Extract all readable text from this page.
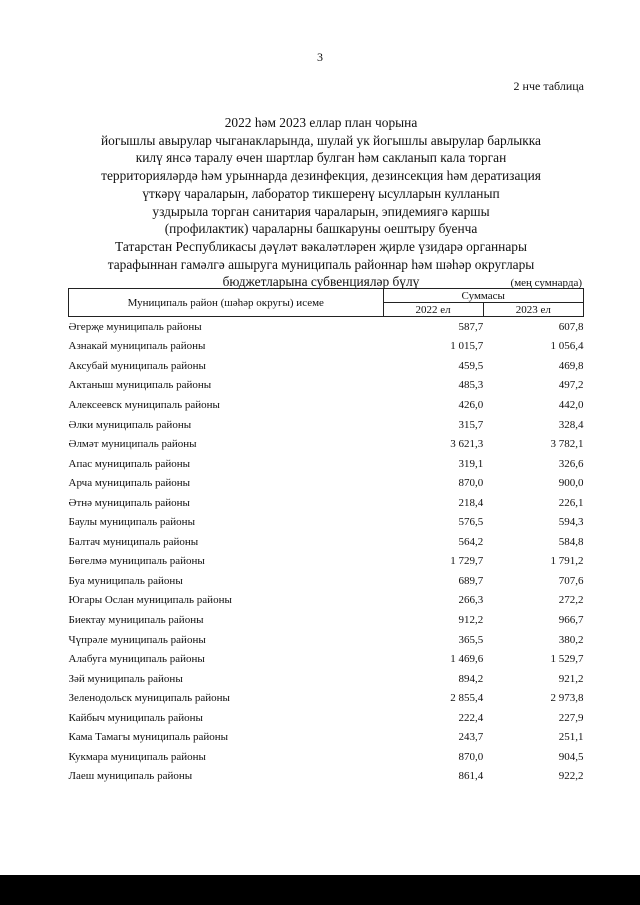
3
2 нче таблица
2022 һәм 2023 еллар план чорына
йогышлы авырулар чыганакларында, шулай ук йогышлы авырулар барлыкка
килү янсә таралу өчен шартлар булган һәм сакланып кала торган
территорияләрдә һәм урыннарда дезинфекция, дезинсекция һәм дератизация
үткәрү чараларын, лаборатор тикшеренү ысулларын кулланып
уздырыла торган санитария чараларын, эпидемиягә каршы
(профилактик) чараларны башкаруны оештыру буенча
Татарстан Республикасы дәүләт вәкаләтләрен җирле үзидарә органнары
тарафыннан гамәлгә ашыруга муниципаль районнар һәм шәһәр округлары
бюджетларына субвенцияләр бүлү	(мең сумнарда)
Муниципаль район (шәһәр округы) исеме	Суммасы	
	2022 ел	2023 ел
Әгерҗе муниципаль районы	587,7	607,8
Азнакай муниципаль районы	1 015,7	1 056,4
Аксубай муниципаль районы	459,5	469,8
Актаныш муниципаль районы	485,3	497,2
Алексеевск муниципаль районы	426,0	442,0
Әлки муниципаль районы	315,7	328,4
Әлмәт муниципаль районы	3 621,3	3 782,1
Апас муниципаль районы	319,1	326,6
Арча муниципаль районы	870,0	900,0
Әтнә муниципаль районы	218,4	226,1
Баулы муниципаль районы	576,5	594,3
Балтач муниципаль районы	564,2	584,8
Бөгелмә муниципаль районы	1 729,7	1 791,2
Буа муниципаль районы	689,7	707,6
Югары Ослан муниципаль районы	266,3	272,2
Биектау муниципаль районы	912,2	966,7
Чүпрәле муниципаль районы	365,5	380,2
Алабуга муниципаль районы	1 469,6	1 529,7
Зәй муниципаль районы	894,2	921,2
Зеленодольск муниципаль районы	2 855,4	2 973,8
Кайбыч муниципаль районы	222,4	227,9
Кама Тамагы муниципаль районы	243,7	251,1
Кукмара муниципаль районы	870,0	904,5
Лаеш муниципаль районы	861,4	922,2
